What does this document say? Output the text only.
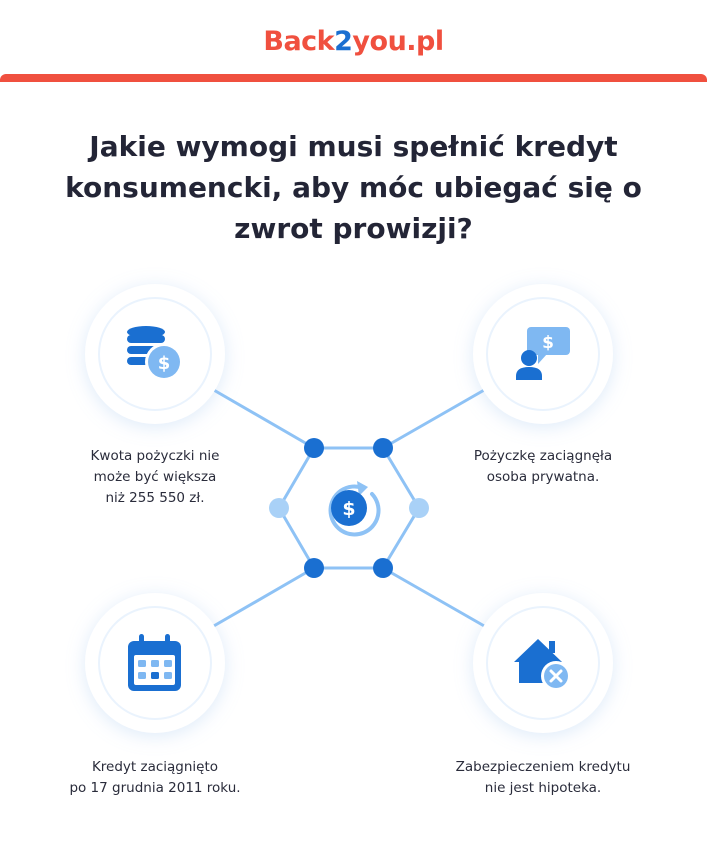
Back2you.pl
Jakie wymogi musi spełnić kredyt konsumencki, aby móc ubiegać się o zwrot prowizji?
$
$
$
Kwota pożyczki nie
może być większa
niż 255 550 zł.
Pożyczkę zaciągnęła
osoba prywatna.
Kredyt zaciągnięto
po 17 grudnia 2011 roku.
Zabezpieczeniem kredytu
nie jest hipoteka.
